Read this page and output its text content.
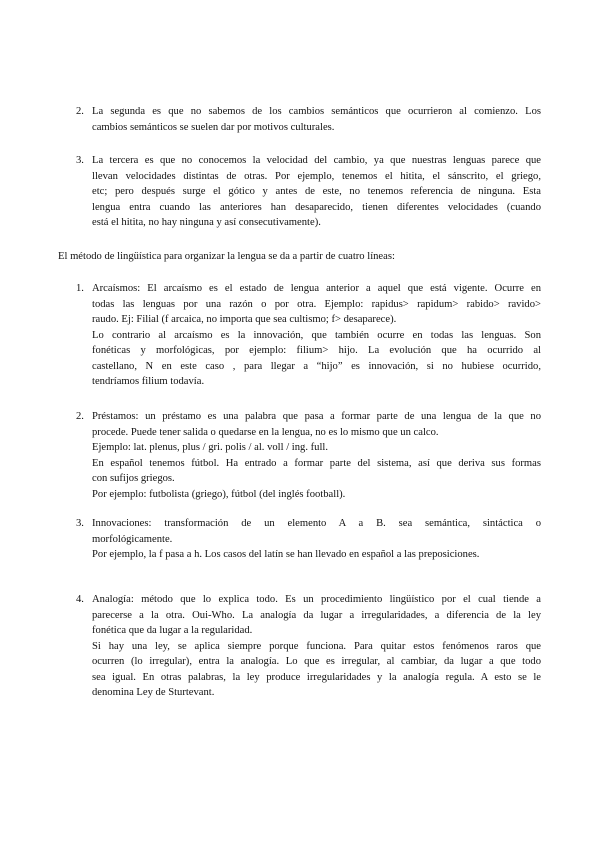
2. La segunda es que no sabemos de los cambios semánticos que ocurrieron al comienzo. Los
cambios semánticos se suelen dar por motivos culturales.
3. La tercera es que no conocemos la velocidad del cambio, ya que nuestras lenguas parece que
llevan velocidades distintas de otras. Por ejemplo, tenemos el hitita, el sánscrito, el griego,
etc; pero después surge el gótico y antes de este, no tenemos referencia de ninguna. Esta
lengua entra cuando las anteriores han desaparecido, tienen diferentes velocidades (cuando
está el hitita, no hay ninguna y así consecutivamente).
El método de lingüística para organizar la lengua se da a partir de cuatro líneas:
1. Arcaísmos: El arcaísmo es el estado de lengua anterior a aquel que está vigente. Ocurre en
todas las lenguas por una razón o por otra. Ejemplo: rapidus> rapidum> rabido> ravido>
raudo. Ej: Filial (f arcaica, no importa que sea cultismo; f> desaparece).
Lo contrario al arcaísmo es la innovación, que también ocurre en todas las lenguas. Son
fonéticas y morfológicas, por ejemplo: filium> hijo. La evolución que ha ocurrido al
castellano, N en este caso , para llegar a “hijo” es innovación, si no hubiese ocurrido,
tendríamos filium todavía.
2. Préstamos: un préstamo es una palabra que pasa a formar parte de una lengua de la que no
procede. Puede tener salida o quedarse en la lengua, no es lo mismo que un calco.
Ejemplo: lat. plenus, plus / gri. polis / al. voll / ing. full.
En español tenemos fútbol. Ha entrado a formar parte del sistema, así que deriva sus formas
con sufijos griegos.
Por ejemplo: futbolista (griego), fútbol (del inglés football).
3. Innovaciones: transformación de un elemento A a B. sea semántica, sintáctica o
morfológicamente.
Por ejemplo, la f pasa a h. Los casos del latín se han llevado en español a las preposiciones.
4. Analogía: método que lo explica todo. Es un procedimiento lingüístico por el cual tiende a
parecerse a la otra. Oui-Who. La analogía da lugar a irregularidades, a diferencia de la ley
fonética que da lugar a la regularidad.
Si hay una ley, se aplica siempre porque funciona. Para quitar estos fenómenos raros que
ocurren (lo irregular), entra la analogía. Lo que es irregular, al cambiar, da lugar a que todo
sea igual. En otras palabras, la ley produce irregularidades y la analogía regula. A esto se le
denomina Ley de Sturtevant.
